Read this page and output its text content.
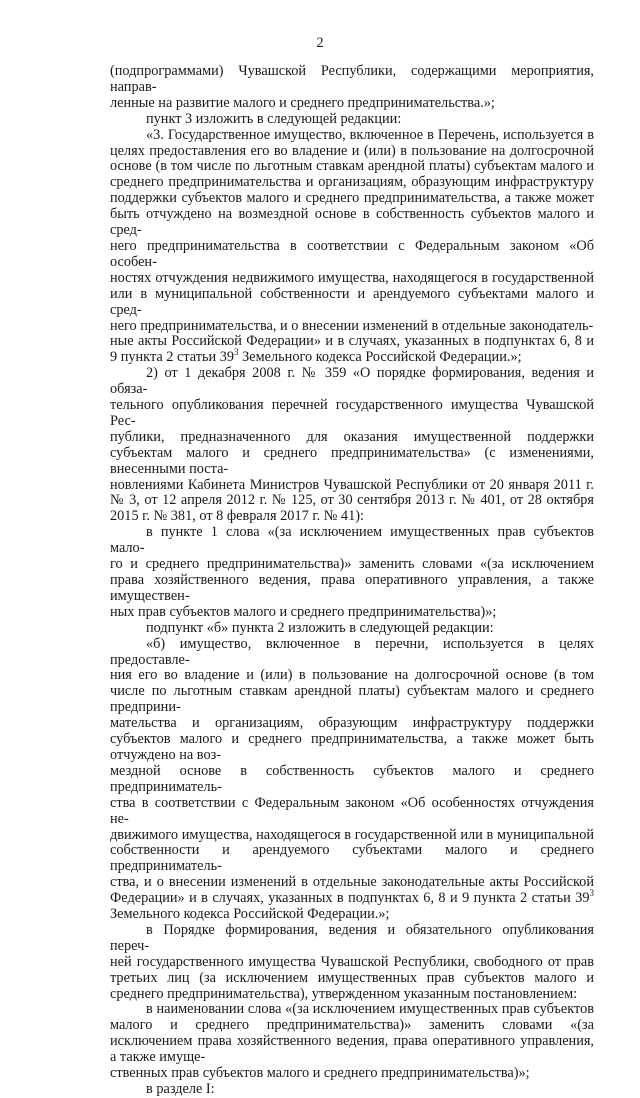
2

(подпрограммами) Чувашской Республики, содержащими мероприятия, направ-
ленные на развитие малого и среднего предпринимательства.»;

пункт 3 изложить в следующей редакции:

«3. Государственное имущество, включенное в Перечень, используется в целях предоставления его во владение и (или) в пользование на долгосрочной основе (в том числе по льготным ставкам арендной платы) субъектам малого и среднего предпринимательства и организациям, образующим инфраструктуру поддержки субъектов малого и среднего предпринимательства, а также может быть отчуждено на возмездной основе в собственность субъектов малого и сред-
него предпринимательства в соответствии с Федеральным законом «Об особен-
ностях отчуждения недвижимого имущества, находящегося в государственной или в муниципальной собственности и арендуемого субъектами малого и сред-
него предпринимательства, и о внесении изменений в отдельные законодатель-
ные акты Российской Федерации» и в случаях, указанных в подпунктах 6, 8 и 9 пункта 2 статьи $39^3$ Земельного кодекса Российской Федерации.»;

2) от 1 декабря 2008 г. № 359 «О порядке формирования, ведения и обяза-
тельного опубликования перечней государственного имущества Чувашской Рес-
публики, предназначенного для оказания имущественной поддержки субъектам малого и среднего предпринимательства» (с изменениями, внесенными поста-
новлениями Кабинета Министров Чувашской Республики от 20 января 2011 г. № 3, от 12 апреля 2012 г. № 125, от 30 сентября 2013 г. № 401, от 28 октября 2015 г. № 381, от 8 февраля 2017 г. № 41):

в пункте 1 слова «(за исключением имущественных прав субъектов мало-
го и среднего предпринимательства)» заменить словами «(за исключением права хозяйственного ведения, права оперативного управления, а также имуществен-
ных прав субъектов малого и среднего предпринимательства)»;

подпункт «б» пункта 2 изложить в следующей редакции:

«б) имущество, включенное в перечни, используется в целях предоставле-
ния его во владение и (или) в пользование на долгосрочной основе (в том числе по льготным ставкам арендной платы) субъектам малого и среднего предприни-
мательства и организациям, образующим инфраструктуру поддержки субъектов малого и среднего предпринимательства, а также может быть отчуждено на воз-
мездной основе в собственность субъектов малого и среднего предприниматель-
ства в соответствии с Федеральным законом «Об особенностях отчуждения не-
движимого имущества, находящегося в государственной или в муниципальной собственности и арендуемого субъектами малого и среднего предприниматель-
ства, и о внесении изменений в отдельные законодательные акты Российской Федерации» и в случаях, указанных в подпунктах 6, 8 и 9 пункта 2 статьи $39^3$ Земельного кодекса Российской Федерации.»;

в Порядке формирования, ведения и обязательного опубликования переч-
ней государственного имущества Чувашской Республики, свободного от прав третьих лиц (за исключением имущественных прав субъектов малого и среднего предпринимательства), утвержденном указанным постановлением:

в наименовании слова «(за исключением имущественных прав субъектов малого и среднего предпринимательства)» заменить словами «(за исключением права хозяйственного ведения, права оперативного управления, а также имуще-
ственных прав субъектов малого и среднего предпринимательства)»;

в разделе I:
